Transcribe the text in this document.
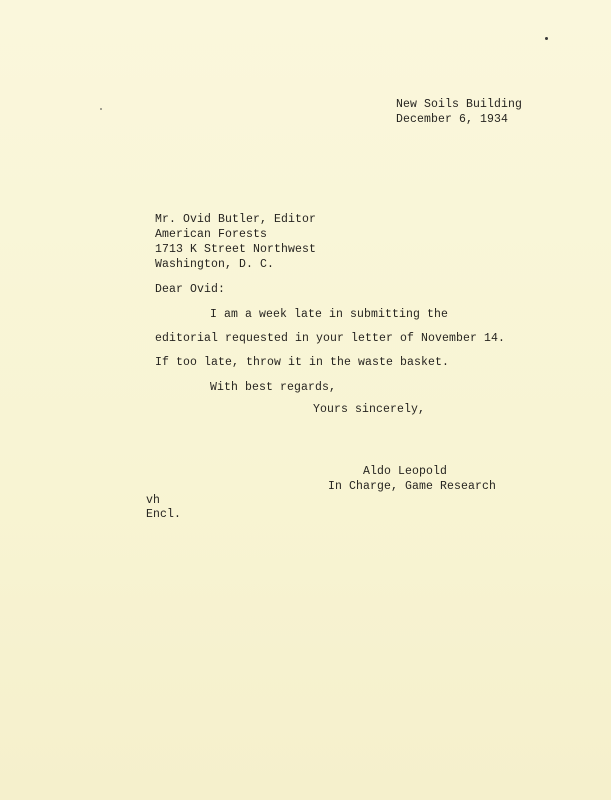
New Soils Building
December 6, 1934
Mr. Ovid Butler, Editor
American Forests
1713 K Street Northwest
Washington, D. C.
Dear Ovid:
I am a week late in submitting the
editorial requested in your letter of November 14.
If too late, throw it in the waste basket.
With best regards,
Yours sincerely,
Aldo Leopold
In Charge, Game Research
vh
Encl.
